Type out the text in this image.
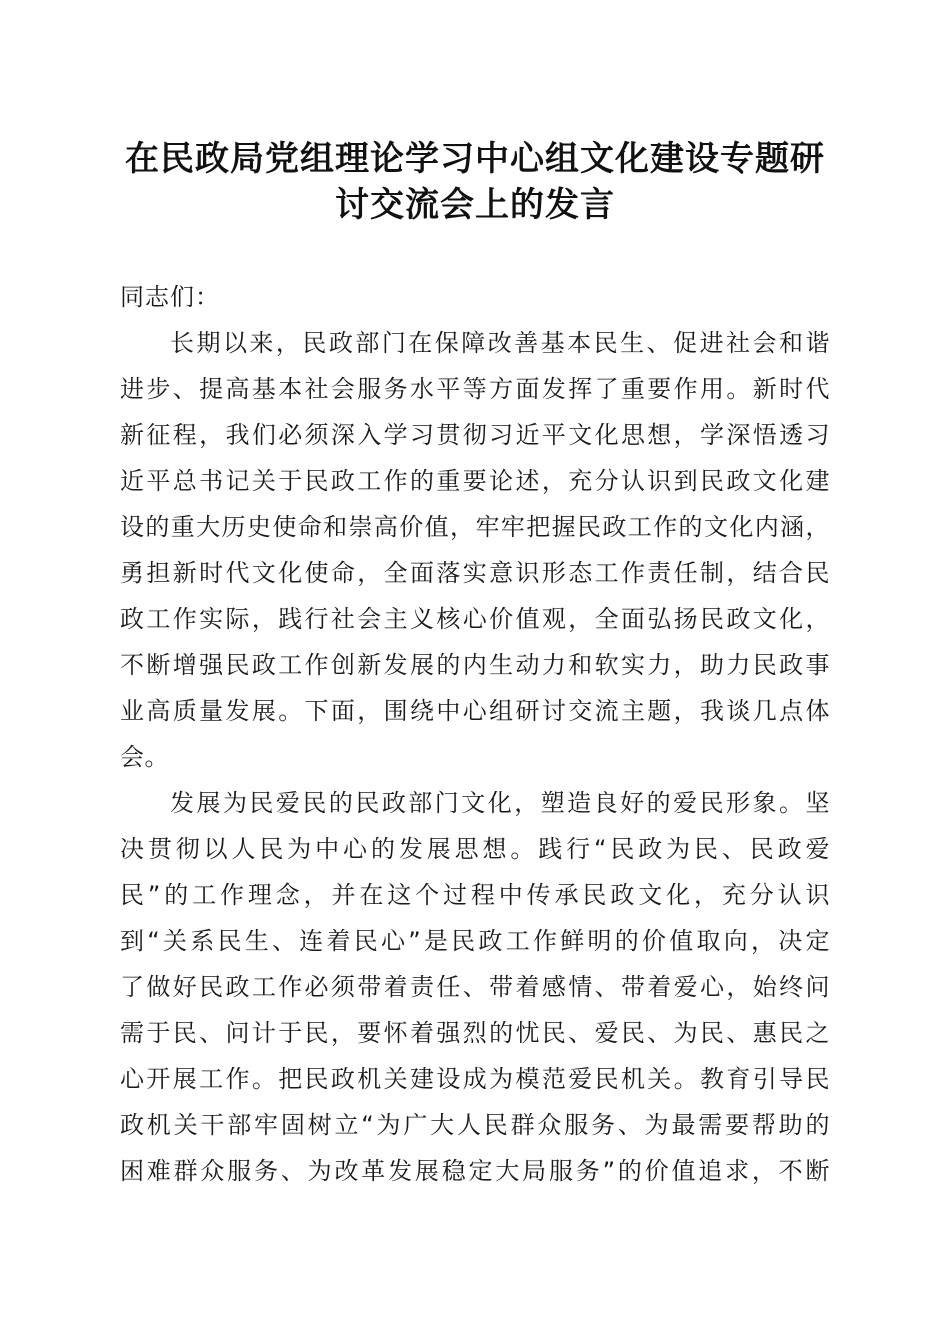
在民政局党组理论学习中心组文化建设专题研
讨交流会上的发言
同志们：
长期以来，民政部门在保障改善基本民生、促进社会和谐
进步、提高基本社会服务水平等方面发挥了重要作用。新时代
新征程，我们必须深入学习贯彻习近平文化思想，学深悟透习
近平总书记关于民政工作的重要论述，充分认识到民政文化建
设的重大历史使命和崇高价值，牢牢把握民政工作的文化内涵，
勇担新时代文化使命，全面落实意识形态工作责任制，结合民
政工作实际，践行社会主义核心价值观，全面弘扬民政文化，
不断增强民政工作创新发展的内生动力和软实力，助力民政事
业高质量发展。下面，围绕中心组研讨交流主题，我谈几点体
会。
发展为民爱民的民政部门文化，塑造良好的爱民形象。坚
决贯彻以人民为中心的发展思想。践行“民政为民、民政爱
民”的工作理念，并在这个过程中传承民政文化，充分认识
到“关系民生、连着民心”是民政工作鲜明的价值取向，决定
了做好民政工作必须带着责任、带着感情、带着爱心，始终问
需于民、问计于民，要怀着强烈的忧民、爱民、为民、惠民之
心开展工作。把民政机关建设成为模范爱民机关。教育引导民
政机关干部牢固树立“为广大人民群众服务、为最需要帮助的
困难群众服务、为改革发展稳定大局服务”的价值追求，不断
